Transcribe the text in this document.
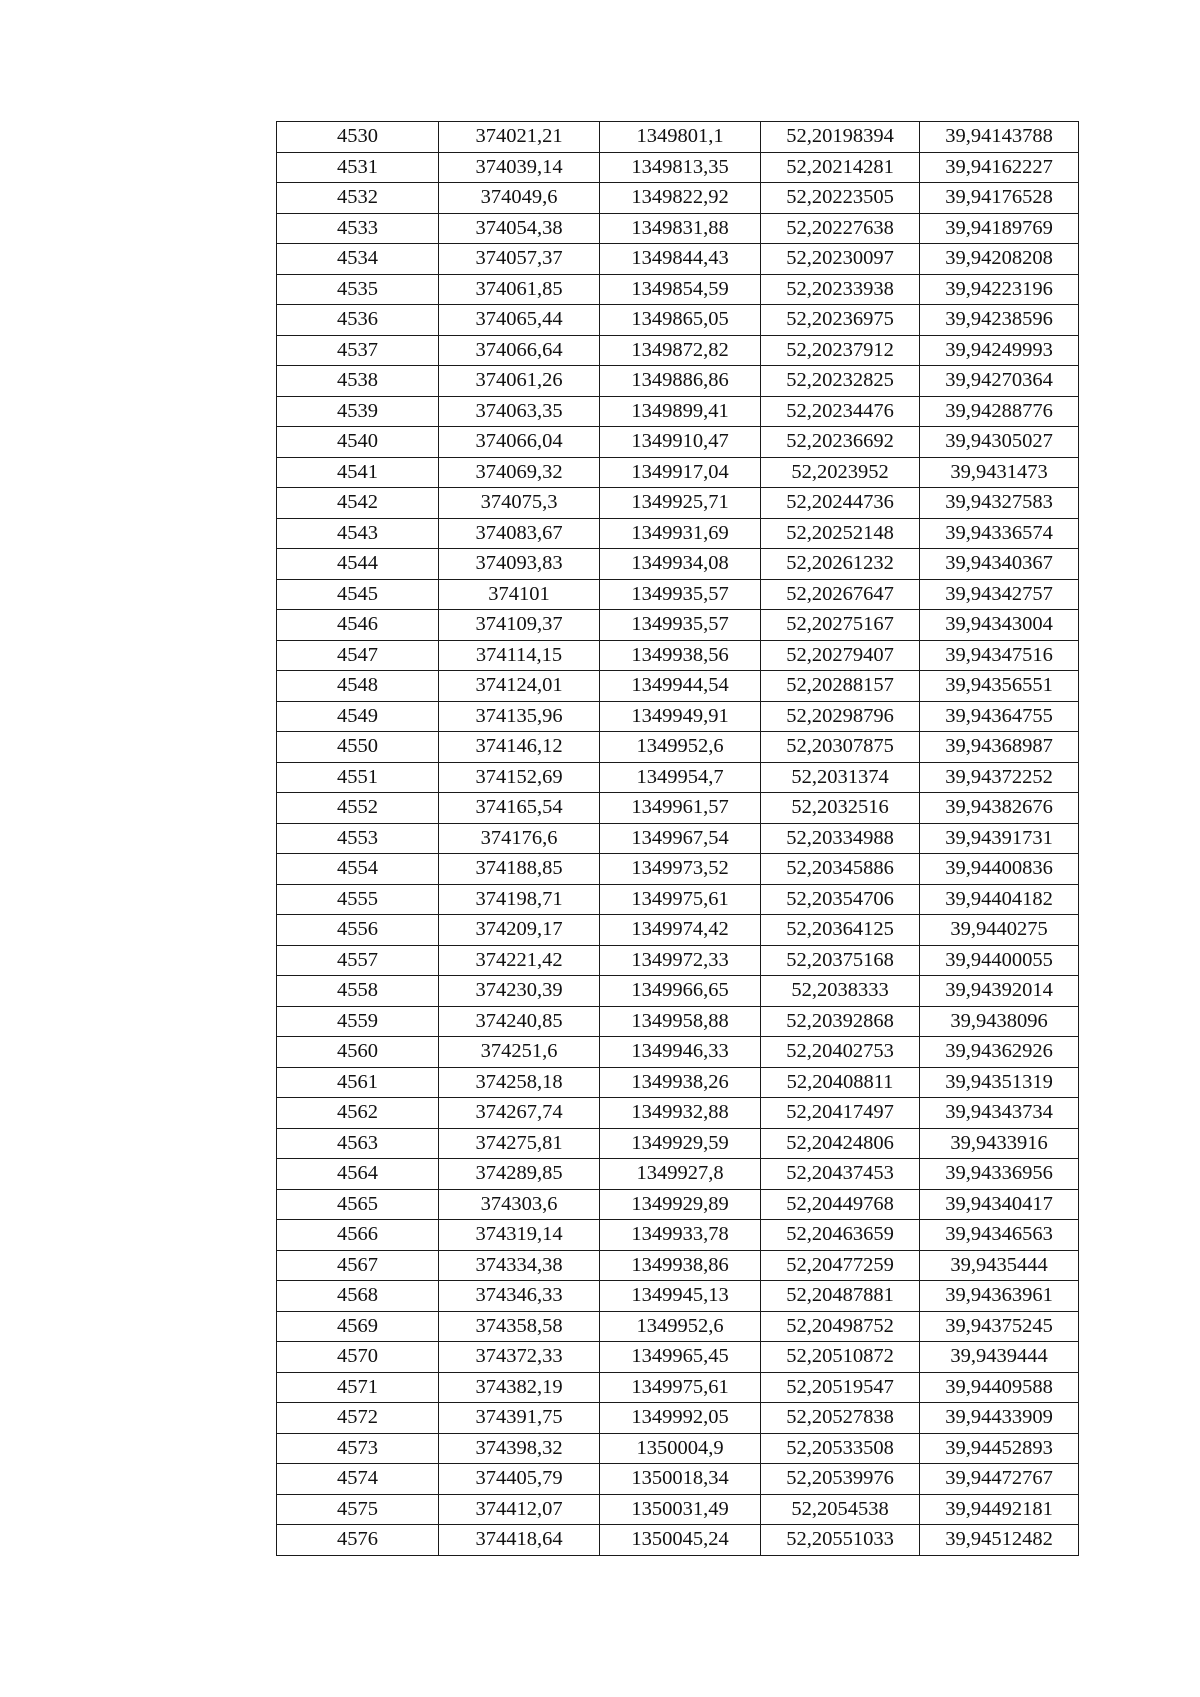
4530	374021,21	1349801,1	52,20198394	39,94143788
4531	374039,14	1349813,35	52,20214281	39,94162227
4532	374049,6	1349822,92	52,20223505	39,94176528
4533	374054,38	1349831,88	52,20227638	39,94189769
4534	374057,37	1349844,43	52,20230097	39,94208208
4535	374061,85	1349854,59	52,20233938	39,94223196
4536	374065,44	1349865,05	52,20236975	39,94238596
4537	374066,64	1349872,82	52,20237912	39,94249993
4538	374061,26	1349886,86	52,20232825	39,94270364
4539	374063,35	1349899,41	52,20234476	39,94288776
4540	374066,04	1349910,47	52,20236692	39,94305027
4541	374069,32	1349917,04	52,2023952	39,9431473
4542	374075,3	1349925,71	52,20244736	39,94327583
4543	374083,67	1349931,69	52,20252148	39,94336574
4544	374093,83	1349934,08	52,20261232	39,94340367
4545	374101	1349935,57	52,20267647	39,94342757
4546	374109,37	1349935,57	52,20275167	39,94343004
4547	374114,15	1349938,56	52,20279407	39,94347516
4548	374124,01	1349944,54	52,20288157	39,94356551
4549	374135,96	1349949,91	52,20298796	39,94364755
4550	374146,12	1349952,6	52,20307875	39,94368987
4551	374152,69	1349954,7	52,2031374	39,94372252
4552	374165,54	1349961,57	52,2032516	39,94382676
4553	374176,6	1349967,54	52,20334988	39,94391731
4554	374188,85	1349973,52	52,20345886	39,94400836
4555	374198,71	1349975,61	52,20354706	39,94404182
4556	374209,17	1349974,42	52,20364125	39,9440275
4557	374221,42	1349972,33	52,20375168	39,94400055
4558	374230,39	1349966,65	52,2038333	39,94392014
4559	374240,85	1349958,88	52,20392868	39,9438096
4560	374251,6	1349946,33	52,20402753	39,94362926
4561	374258,18	1349938,26	52,20408811	39,94351319
4562	374267,74	1349932,88	52,20417497	39,94343734
4563	374275,81	1349929,59	52,20424806	39,9433916
4564	374289,85	1349927,8	52,20437453	39,94336956
4565	374303,6	1349929,89	52,20449768	39,94340417
4566	374319,14	1349933,78	52,20463659	39,94346563
4567	374334,38	1349938,86	52,20477259	39,9435444
4568	374346,33	1349945,13	52,20487881	39,94363961
4569	374358,58	1349952,6	52,20498752	39,94375245
4570	374372,33	1349965,45	52,20510872	39,9439444
4571	374382,19	1349975,61	52,20519547	39,94409588
4572	374391,75	1349992,05	52,20527838	39,94433909
4573	374398,32	1350004,9	52,20533508	39,94452893
4574	374405,79	1350018,34	52,20539976	39,94472767
4575	374412,07	1350031,49	52,2054538	39,94492181
4576	374418,64	1350045,24	52,20551033	39,94512482
